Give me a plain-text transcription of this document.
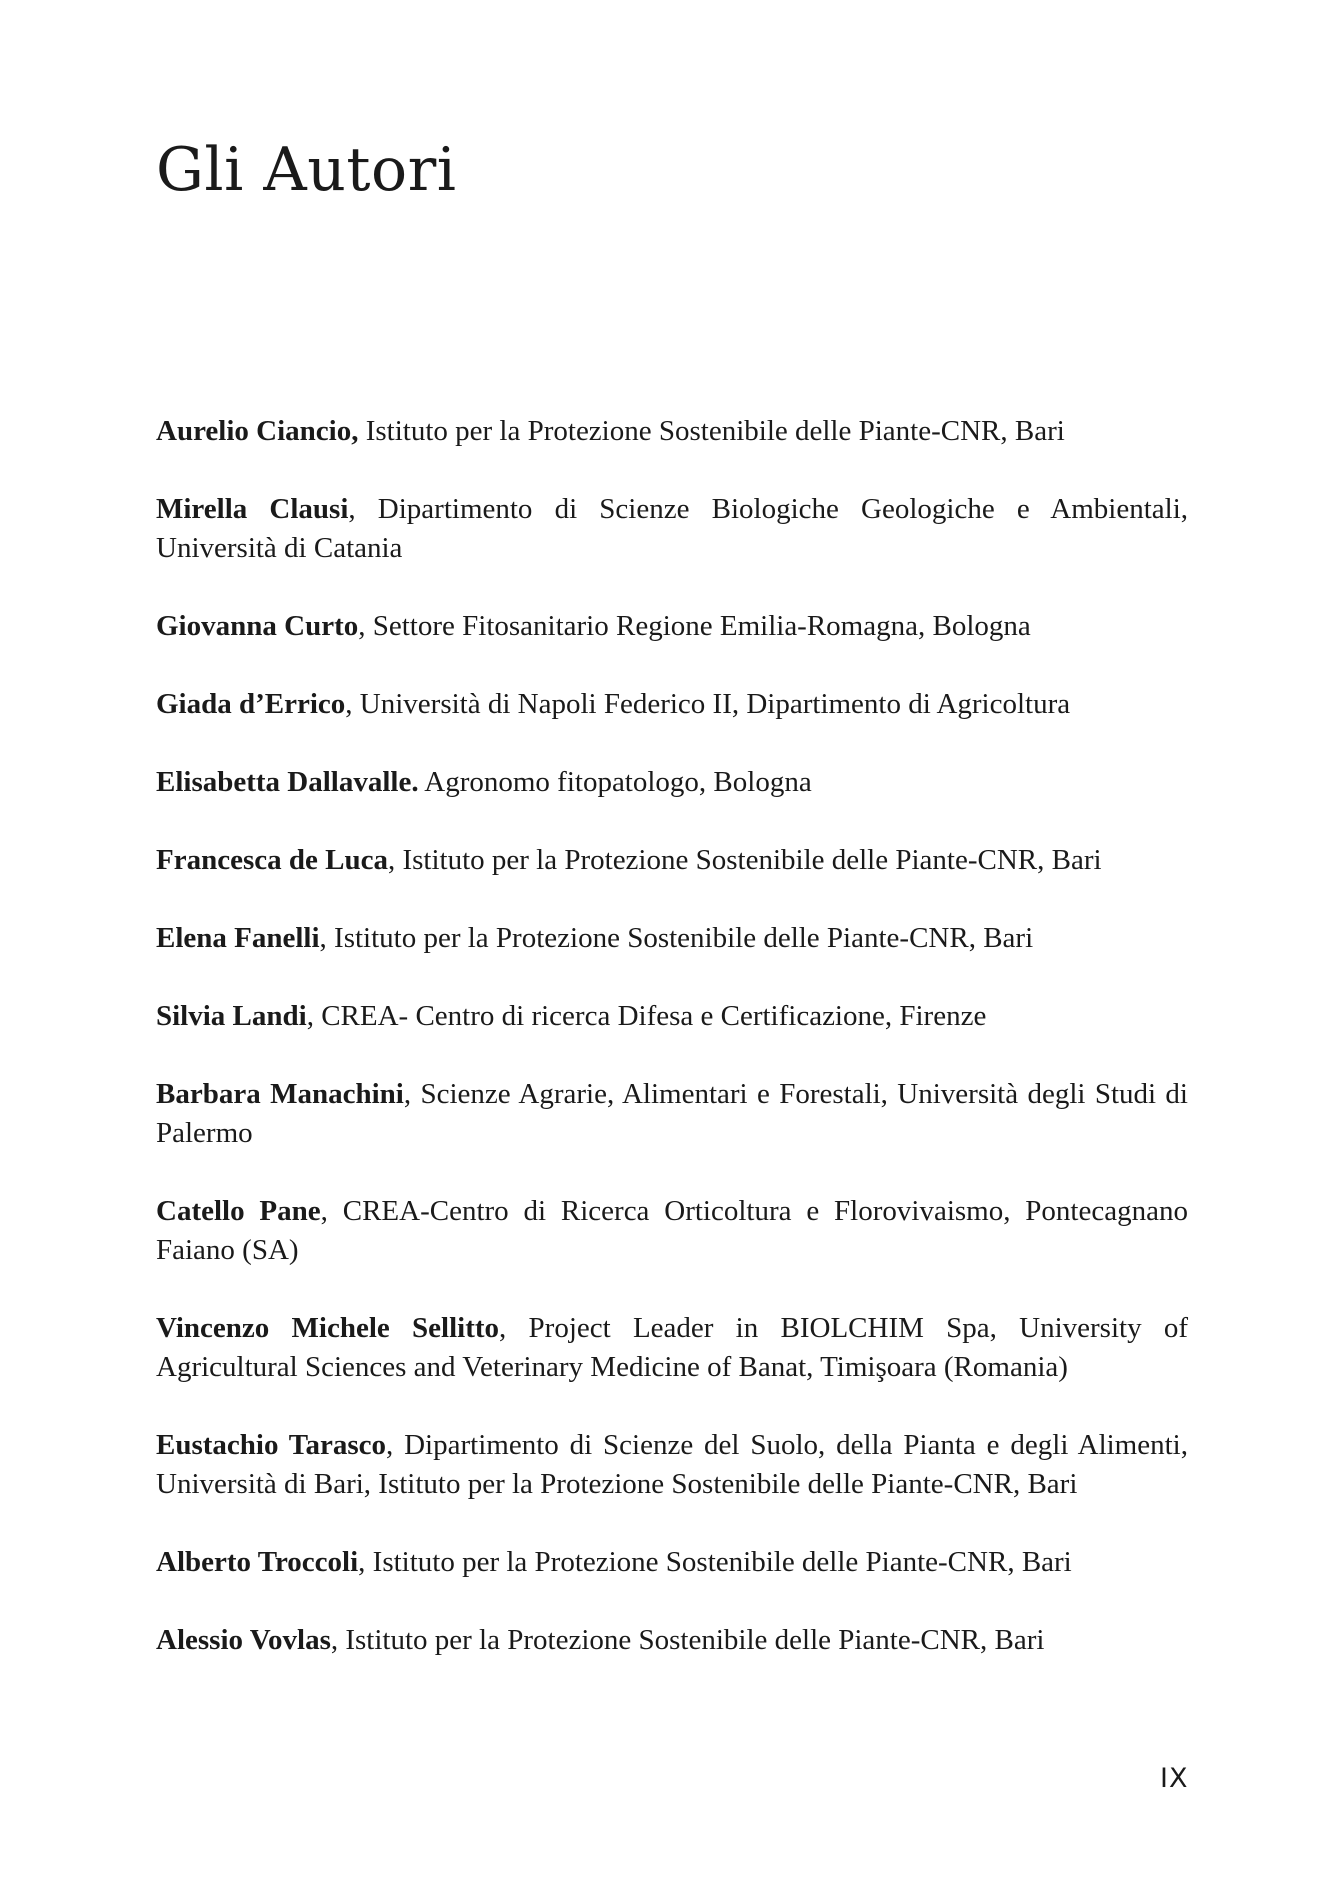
Gli Autori
Aurelio Ciancio, Istituto per la Protezione Sostenibile delle Piante-CNR, Bari
Mirella Clausi, Dipartimento di Scienze Biologiche Geologiche e Ambientali, Università di Catania
Giovanna Curto, Settore Fitosanitario Regione Emilia-Romagna, Bologna
Giada d’Errico, Università di Napoli Federico II, Dipartimento di Agricoltura
Elisabetta Dallavalle. Agronomo fitopatologo, Bologna
Francesca de Luca, Istituto per la Protezione Sostenibile delle Piante-CNR, Bari
Elena Fanelli, Istituto per la Protezione Sostenibile delle Piante-CNR, Bari
Silvia Landi, CREA- Centro di ricerca Difesa e Certificazione, Firenze
Barbara Manachini, Scienze Agrarie, Alimentari e Forestali, Università degli Studi di Palermo
Catello Pane, CREA-Centro di Ricerca Orticoltura e Florovivaismo, Pontecagnano Faiano (SA)
Vincenzo Michele Sellitto, Project Leader in BIOLCHIM Spa, University of Agricultural Sciences and Veterinary Medicine of Banat, Timişoara (Romania)
Eustachio Tarasco, Dipartimento di Scienze del Suolo, della Pianta e degli Alimenti, Università di Bari, Istituto per la Protezione Sostenibile delle Piante-CNR, Bari
Alberto Troccoli, Istituto per la Protezione Sostenibile delle Piante-CNR, Bari
Alessio Vovlas, Istituto per la Protezione Sostenibile delle Piante-CNR, Bari
IX
